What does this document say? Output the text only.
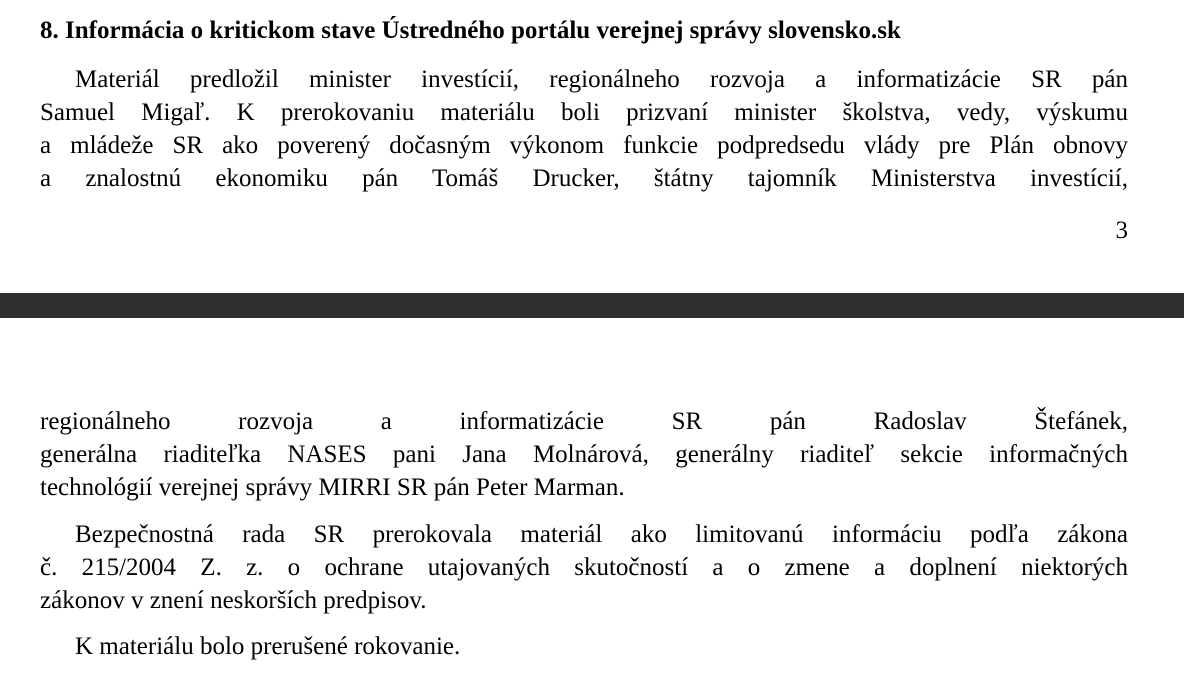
8. Informácia o kritickom stave Ústredného portálu verejnej správy slovensko.sk

Materiál predložil minister investícií, regionálneho rozvoja a informatizácie SR pán
Samuel Migaľ. K prerokovaniu materiálu boli prizvaní minister školstva, vedy, výskumu
a mládeže SR ako poverený dočasným výkonom funkcie podpredsedu vlády pre Plán obnovy
a znalostnú ekonomiku pán Tomáš Drucker, štátny tajomník Ministerstva investícií,

3

regionálneho rozvoja a informatizácie SR pán Radoslav Štefánek,
generálna riaditeľka NASES pani Jana Molnárová, generálny riaditeľ sekcie informačných
technológií verejnej správy MIRRI SR pán Peter Marman.

Bezpečnostná rada SR prerokovala materiál ako limitovanú informáciu podľa zákona
č. 215/2004 Z. z. o ochrane utajovaných skutočností a o zmene a doplnení niektorých
zákonov v znení neskorších predpisov.

K materiálu bolo prerušené rokovanie.
